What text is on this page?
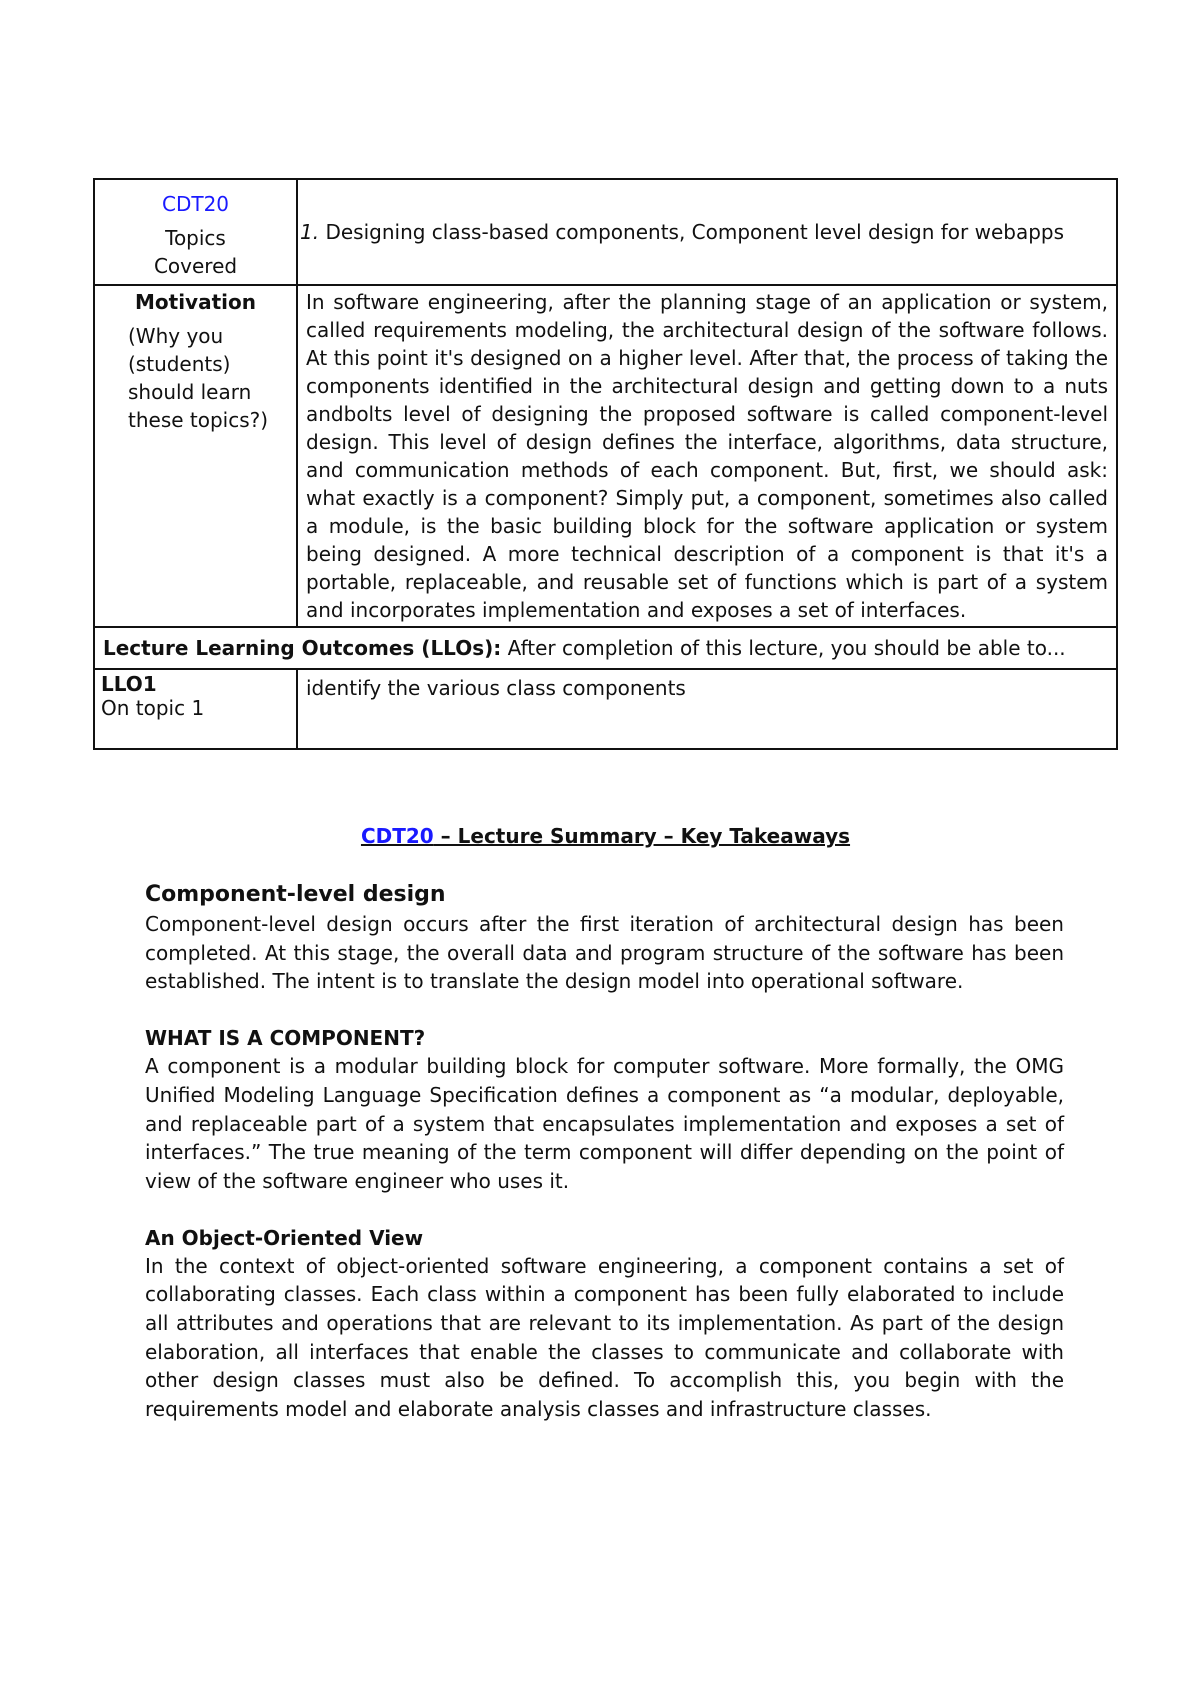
CDT20
Topics Covered	1. Designing class-based components, Component level design for webapps

Motivation
(Why you (students) should learn these topics?)	In software engineering, after the planning stage of an application or system, called requirements modeling, the architectural design of the software follows. At this point it's designed on a higher level. After that, the process of taking the components identified in the architectural design and getting down to a nuts andbolts level of designing the proposed software is called component-level design. This level of design defines the interface, algorithms, data structure, and communication methods of each component. But, first, we should ask: what exactly is a component? Simply put, a component, sometimes also called a module, is the basic building block for the software application or system being designed. A more technical description of a component is that it's a portable, replaceable, and reusable set of functions which is part of a system and incorporates implementation and exposes a set of interfaces.
Lecture Learning Outcomes (LLOs): After completion of this lecture, you should be able to...	

LLO1
On topic 1	identify the various class components
CDT20 – Lecture Summary – Key Takeaways
Component-level design

Component-level design occurs after the first iteration of architectural design has been completed. At this stage, the overall data and program structure of the software has been established. The intent is to translate the design model into operational software.

WHAT IS A COMPONENT?

A component is a modular building block for computer software. More formally, the OMG Unified Modeling Language Specification defines a component as “a modular, deployable, and replaceable part of a system that encapsulates implementation and exposes a set of interfaces.” The true meaning of the term component will differ depending on the point of view of the software engineer who uses it.

An Object-Oriented View

In the context of object-oriented software engineering, a component contains a set of collaborating classes. Each class within a component has been fully elaborated to include all attributes and operations that are relevant to its implementation. As part of the design elaboration, all interfaces that enable the classes to communicate and collaborate with other design classes must also be defined. To accomplish this, you begin with the requirements model and elaborate analysis classes and infrastructure classes.
